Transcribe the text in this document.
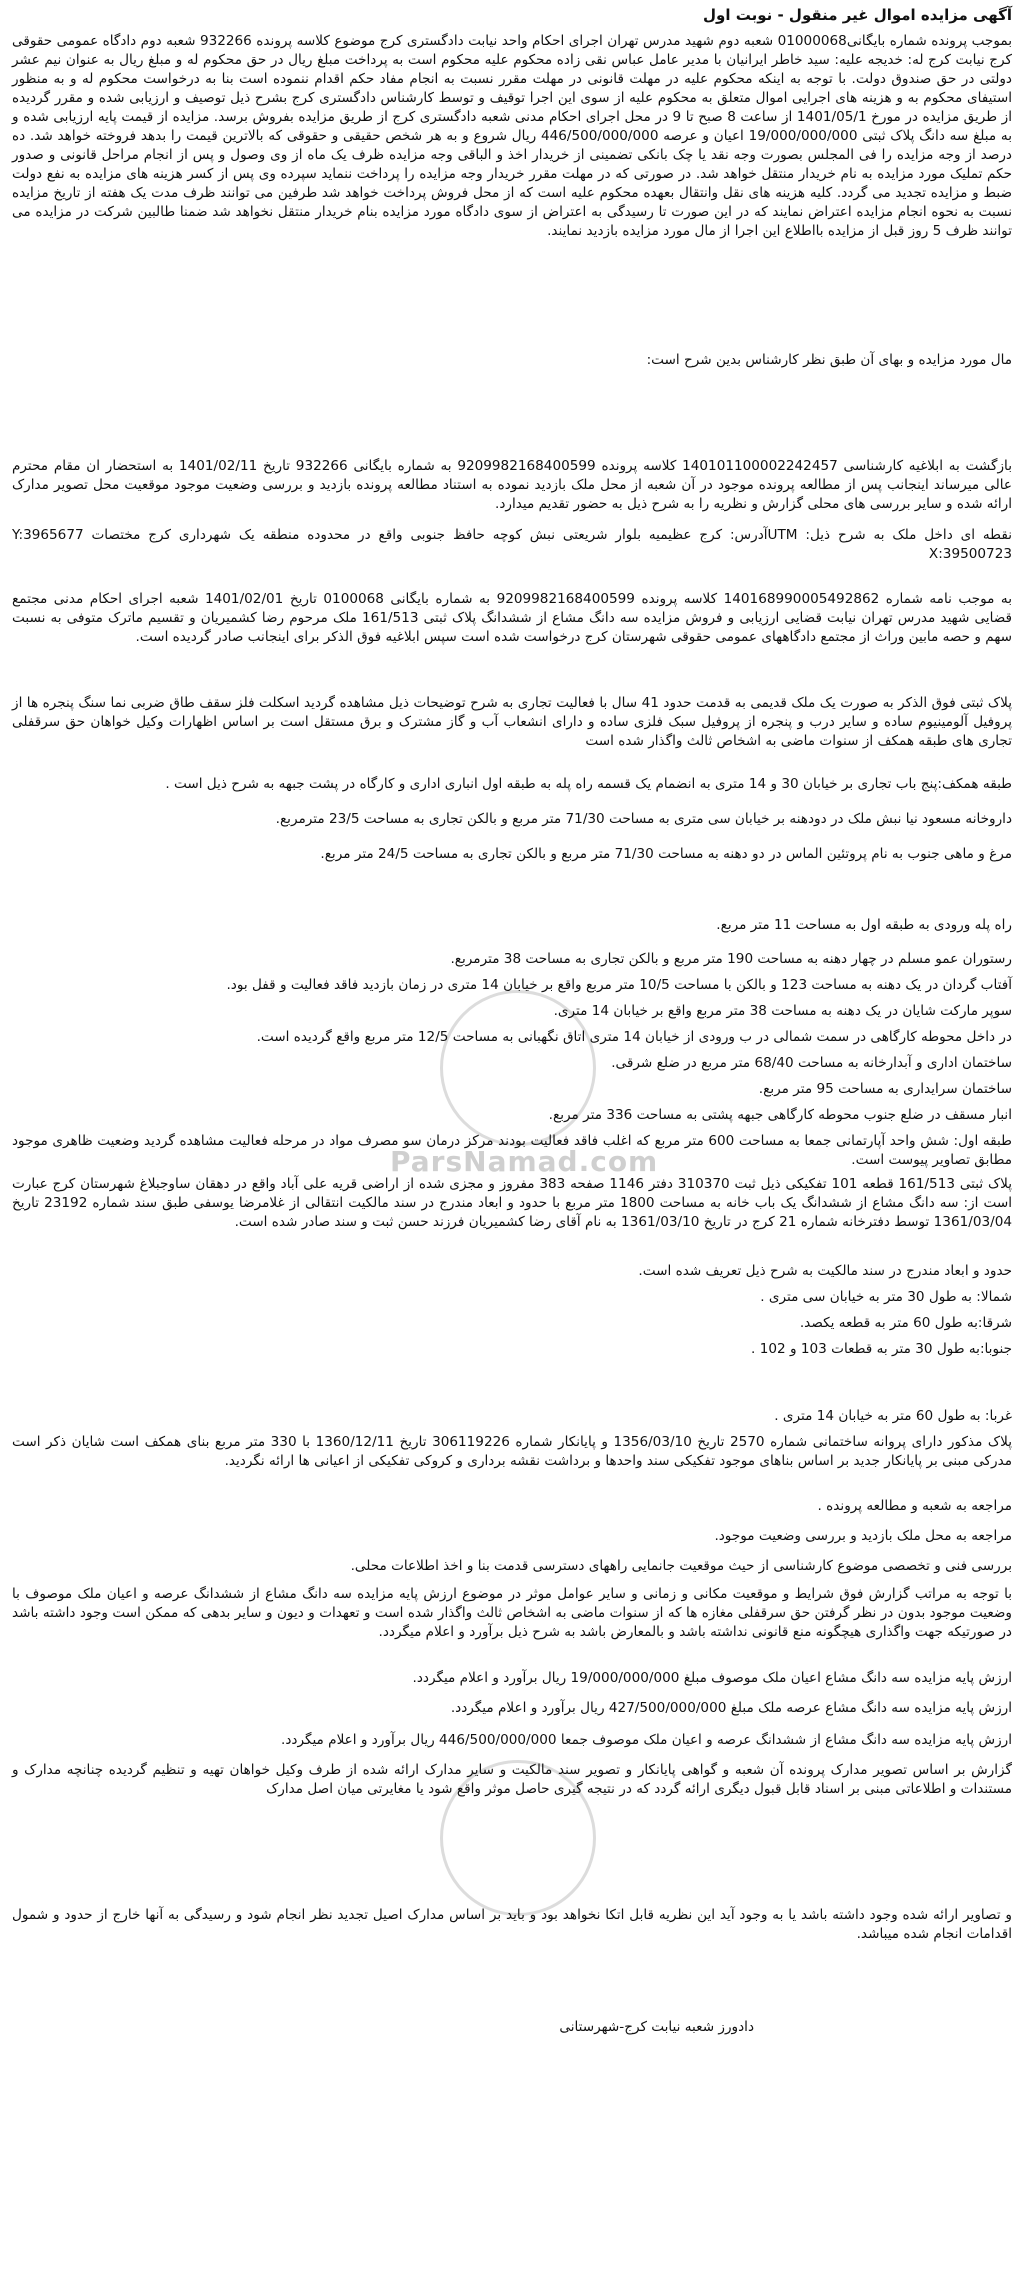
ParsNamad.com

آگهی مزایده اموال غیر منقول - نوبت اول

بموجب پرونده شماره بایگانی01000068 شعبه دوم شهید مدرس تهران اجرای احکام واحد نیابت دادگستری کرج موضوع کلاسه پرونده 932266 شعبه دوم دادگاه عمومی حقوقی کرج نیابت کرج له: خدیجه علیه: سید خاطر ایرانیان با مدیر عامل عباس نقی زاده محکوم علیه محکوم است به پرداخت مبلغ ریال در حق محکوم له و مبلغ ریال به عنوان نیم عشر دولتی در حق صندوق دولت. با توجه به اینکه محکوم علیه در مهلت قانونی در مهلت مقرر نسبت به انجام مفاد حکم اقدام ننموده است بنا به درخواست محکوم له و به منظور استیفای محکوم به و هزینه های اجرایی اموال متعلق به محکوم علیه از سوی این اجرا توقیف و توسط کارشناس دادگستری کرج بشرح ذیل توصیف و ارزیابی شده و مقرر گردیده از طریق مزایده در مورخ 1401/05/1 از ساعت 8 صبح تا 9 در محل اجرای احکام مدنی شعبه دادگستری کرج از طریق مزایده بفروش برسد. مزایده از قیمت پایه ارزیابی شده و به مبلغ سه دانگ پلاک ثبتی 19/000/000/000 اعیان و عرصه 446/500/000/000 ریال شروع و به هر شخص حقیقی و حقوقی که بالاترین قیمت را بدهد فروخته خواهد شد. ده درصد از وجه مزایده را فی المجلس بصورت وجه نقد یا چک بانکی تضمینی از خریدار اخذ و الباقی وجه مزایده ظرف یک ماه از وی وصول و پس از انجام مراحل قانونی و صدور حکم تملیک مورد مزایده به نام خریدار منتقل خواهد شد. در صورتی که در مهلت مقرر خریدار وجه مزایده را پرداخت ننماید سپرده وی پس از کسر هزینه های مزایده به نفع دولت ضبط و مزایده تجدید می گردد. کلیه هزینه های نقل وانتقال بعهده محکوم علیه است که از محل فروش پرداخت خواهد شد طرفین می توانند ظرف مدت یک هفته از تاریخ مزایده نسبت به نحوه انجام مزایده اعتراض نمایند که در این صورت تا رسیدگی به اعتراض از سوی دادگاه مورد مزایده بنام خریدار منتقل نخواهد شد ضمنا طالبین شرکت در مزایده می توانند ظرف 5 روز قبل از مزایده بااطلاع این اجرا از مال مورد مزایده بازدید نمایند.

مال مورد مزایده و بهای آن طبق نظر کارشناس بدین شرح است:

بازگشت به ابلاغیه کارشناسی 140101100002242457 کلاسه پرونده 9209982168400599 به شماره بایگانی 932266 تاریخ 1401/02/11 به استحضار ان مقام محترم عالی میرساند اینجانب پس از مطالعه پرونده موجود در آن شعبه از محل ملک بازدید نموده به استناد مطالعه پرونده بازدید و بررسی وضعیت موجود موقعیت محل تصویر مدارک ارائه شده و سایر بررسی های محلی گزارش و نظریه را به شرح ذیل به حضور تقدیم میدارد.

نقطه ای داخل ملک به شرح ذیل: UTMآدرس: کرج عظیمیه بلوار شریعتی نبش کوچه حافظ جنوبی واقع در محدوده منطقه یک شهرداری کرج مختصات Y:3965677 X:39500723

به موجب نامه شماره 140168990005492862 کلاسه پرونده 9209982168400599 به شماره بایگانی 0100068 تاریخ 1401/02/01 شعبه اجرای احکام مدنی مجتمع قضایی شهید مدرس تهران نیابت قضایی ارزیابی و فروش مزایده سه دانگ مشاع از ششدانگ پلاک ثبتی 161/513 ملک مرحوم رضا کشمیریان و تقسیم ماترک متوفی به نسبت سهم و حصه مابین وراث از مجتمع دادگاههای عمومی حقوقی شهرستان کرج درخواست شده است سپس ابلاغیه فوق الذکر برای اینجانب صادر گردیده است.

پلاک ثبتی فوق الذکر به صورت یک ملک قدیمی به قدمت حدود 41 سال با فعالیت تجاری به شرح توضیحات ذیل مشاهده گردید اسکلت فلز سقف طاق ضربی نما سنگ پنجره ها از پروفیل آلومینیوم ساده و سایر درب و پنجره از پروفیل سبک فلزی ساده و دارای انشعاب آب و گاز مشترک و برق مستقل است بر اساس اظهارات وکیل خواهان حق سرقفلی تجاری های طبقه همکف از سنوات ماضی به اشخاص ثالث واگذار شده است

طبقه همکف:پنج باب تجاری بر خیابان 30 و 14 متری به انضمام یک قسمه راه پله به طبقه اول انباری اداری و کارگاه در پشت جبهه به شرح ذیل است .

داروخانه مسعود نیا نبش ملک در دودهنه بر خیابان سی متری به مساحت 71/30 متر مربع و بالکن تجاری به مساحت 23/5 مترمربع.

مرغ و ماهی جنوب به نام پروتئین الماس در دو دهنه به مساحت 71/30 متر مربع و بالکن تجاری به مساحت 24/5 متر مربع.

راه پله ورودی به طبقه اول به مساحت 11 متر مربع.

رستوران عمو مسلم در چهار دهنه به مساحت 190 متر مربع و بالکن تجاری به مساحت 38 مترمربع.

آفتاب گردان در یک دهنه به مساحت 123 و بالکن با مساحت 10/5 متر مربع واقع بر خیابان 14 متری در زمان بازدید فاقد فعالیت و قفل بود.

سوپر مارکت شایان در یک دهنه به مساحت 38 متر مربع واقع بر خیابان 14 متری.

در داخل محوطه کارگاهی در سمت شمالی در ب ورودی از خیابان 14 متری اتاق نگهبانی به مساحت 12/5 متر مربع واقع گردیده است.

ساختمان اداری و آبدارخانه به مساحت 68/40 متر مربع در ضلع شرقی.

ساختمان سرایداری به مساحت 95 متر مربع.

انبار مسقف در ضلع جنوب محوطه کارگاهی جبهه پشتی به مساحت 336 متر مربع.

طبقه اول: شش واحد آپارتمانی جمعا به مساحت 600 متر مربع که اغلب فاقد فعالیت بودند مرکز درمان سو مصرف مواد در مرحله فعالیت مشاهده گردید وضعیت ظاهری موجود مطابق تصاویر پیوست است.

پلاک ثبتی 161/513 قطعه 101 تفکیکی ذیل ثبت 310370 دفتر 1146 صفحه 383 مفروز و مجزی شده از اراضی قریه علی آباد واقع در دهقان ساوجبلاغ شهرستان کرج عبارت است از: سه دانگ مشاع از ششدانگ یک باب خانه به مساحت 1800 متر مربع با حدود و ابعاد مندرج در سند مالکیت انتقالی از غلامرضا یوسفی طبق سند شماره 23192 تاریخ 1361/03/04 توسط دفترخانه شماره 21 کرج در تاریخ 1361/03/10 به نام آقای رضا کشمیریان فرزند حسن ثبت و سند صادر شده است.

حدود و ابعاد مندرج در سند مالکیت به شرح ذیل تعریف شده است.

شمالا: به طول 30 متر به خیابان سی متری .

شرقا:به طول 60 متر به قطعه یکصد.

جنوبا:به طول 30 متر به قطعات 103 و 102 .

غربا: به طول 60 متر به خیابان 14 متری .

پلاک مذکور دارای پروانه ساختمانی شماره 2570 تاریخ 1356/03/10 و پایانکار شماره 306119226 تاریخ 1360/12/11 با 330 متر مربع بنای همکف است شایان ذکر است مدرکی مبنی بر پایانکار جدید بر اساس بناهای موجود تفکیکی سند واحدها و برداشت نقشه برداری و کروکی تفکیکی از اعیانی ها ارائه نگردید.

مراجعه به شعبه و مطالعه پرونده .

مراجعه به محل ملک بازدید و بررسی وضعیت موجود.

بررسی فنی و تخصصی موضوع کارشناسی از حیث موقعیت جانمایی راههای دسترسی قدمت بنا و اخذ اطلاعات محلی.

با توجه به مراتب گزارش فوق شرایط و موقعیت مکانی و زمانی و سایر عوامل موثر در موضوع ارزش پایه مزایده سه دانگ مشاع از ششدانگ عرصه و اعیان ملک موصوف با وضعیت موجود بدون در نظر گرفتن حق سرقفلی مغازه ها که از سنوات ماضی به اشخاص ثالث واگذار شده است و تعهدات و دیون و سایر بدهی که ممکن است وجود داشته باشد در صورتیکه جهت واگذاری هیچگونه منع قانونی نداشته باشد و بالمعارض باشد به شرح ذیل برآورد و اعلام میگردد.

ارزش پایه مزایده سه دانگ مشاع اعیان ملک موصوف مبلغ 19/000/000/000 ریال برآورد و اعلام میگردد.

ارزش پایه مزایده سه دانگ مشاع عرصه ملک مبلغ 427/500/000/000 ریال برآورد و اعلام میگردد.

ارزش پایه مزایده سه دانگ مشاع از ششدانگ عرصه و اعیان ملک موصوف جمعا 446/500/000/000 ریال برآورد و اعلام میگردد.

گزارش بر اساس تصویر مدارک پرونده آن شعبه و گواهی پایانکار و تصویر سند مالکیت و سایر مدارک ارائه شده از طرف وکیل خواهان تهیه و تنظیم گردیده چنانچه مدارک و مستندات و اطلاعاتی مبنی بر اسناد قابل قبول دیگری ارائه گردد که در نتیجه گیری حاصل موثر واقع شود یا مغایرتی میان اصل مدارک

و تصاویر ارائه شده وجود داشته باشد یا به وجود آید این نظریه قابل اتکا نخواهد بود و باید بر اساس مدارک اصیل تجدید نظر انجام شود و رسیدگی به آنها خارج از حدود و شمول اقدامات انجام شده میباشد.

دادورز شعبه نیابت کرج-شهرستانی
